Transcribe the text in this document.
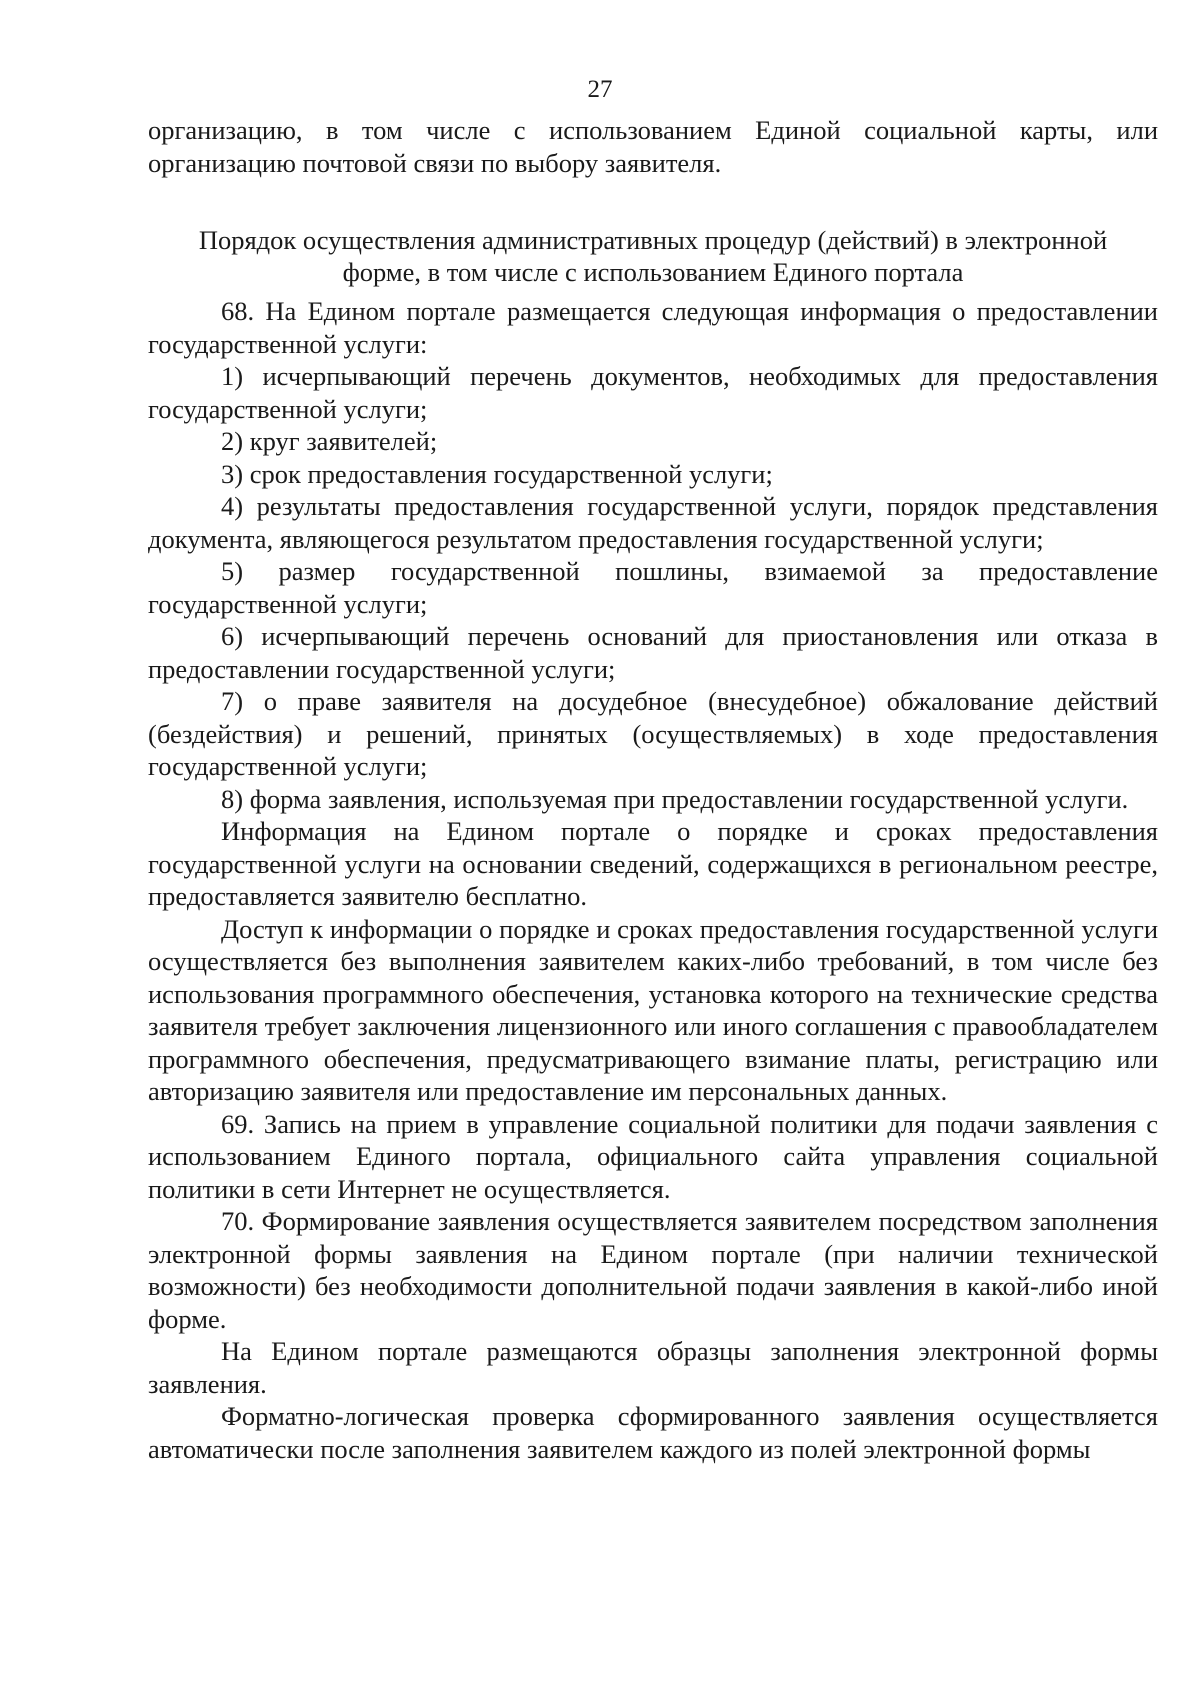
27

организацию, в том числе с использованием Единой социальной карты, или организацию почтовой связи по выбору заявителя.

Порядок осуществления административных процедур (действий) в электронной
форме, в том числе с использованием Единого портала

68. На Едином портале размещается следующая информация о предоставлении государственной услуги:

1) исчерпывающий перечень документов, необходимых для предоставления государственной услуги;

2) круг заявителей;

3) срок предоставления государственной услуги;

4) результаты предоставления государственной услуги, порядок представления документа, являющегося результатом предоставления государственной услуги;

5) размер государственной пошлины, взимаемой за предоставление государственной услуги;

6) исчерпывающий перечень оснований для приостановления или отказа в предоставлении государственной услуги;

7) о праве заявителя на досудебное (внесудебное) обжалование действий (бездействия) и решений, принятых (осуществляемых) в ходе предоставления государственной услуги;

8) форма заявления, используемая при предоставлении государственной услуги.

Информация на Едином портале о порядке и сроках предоставления государственной услуги на основании сведений, содержащихся в региональном реестре, предоставляется заявителю бесплатно.

Доступ к информации о порядке и сроках предоставления государственной услуги осуществляется без выполнения заявителем каких-либо требований, в том числе без использования программного обеспечения, установка которого на технические средства заявителя требует заключения лицензионного или иного соглашения с правообладателем программного обеспечения, предусматривающего взимание платы, регистрацию или авторизацию заявителя или предоставление им персональных данных.

69. Запись на прием в управление социальной политики для подачи заявления с использованием Единого портала, официального сайта управления социальной политики в сети Интернет не осуществляется.

70. Формирование заявления осуществляется заявителем посредством заполнения электронной формы заявления на Едином портале (при наличии технической возможности) без необходимости дополнительной подачи заявления в какой-либо иной форме.

На Едином портале размещаются образцы заполнения электронной формы заявления.

Форматно-логическая проверка сформированного заявления осуществляется автоматически после заполнения заявителем каждого из полей электронной формы
